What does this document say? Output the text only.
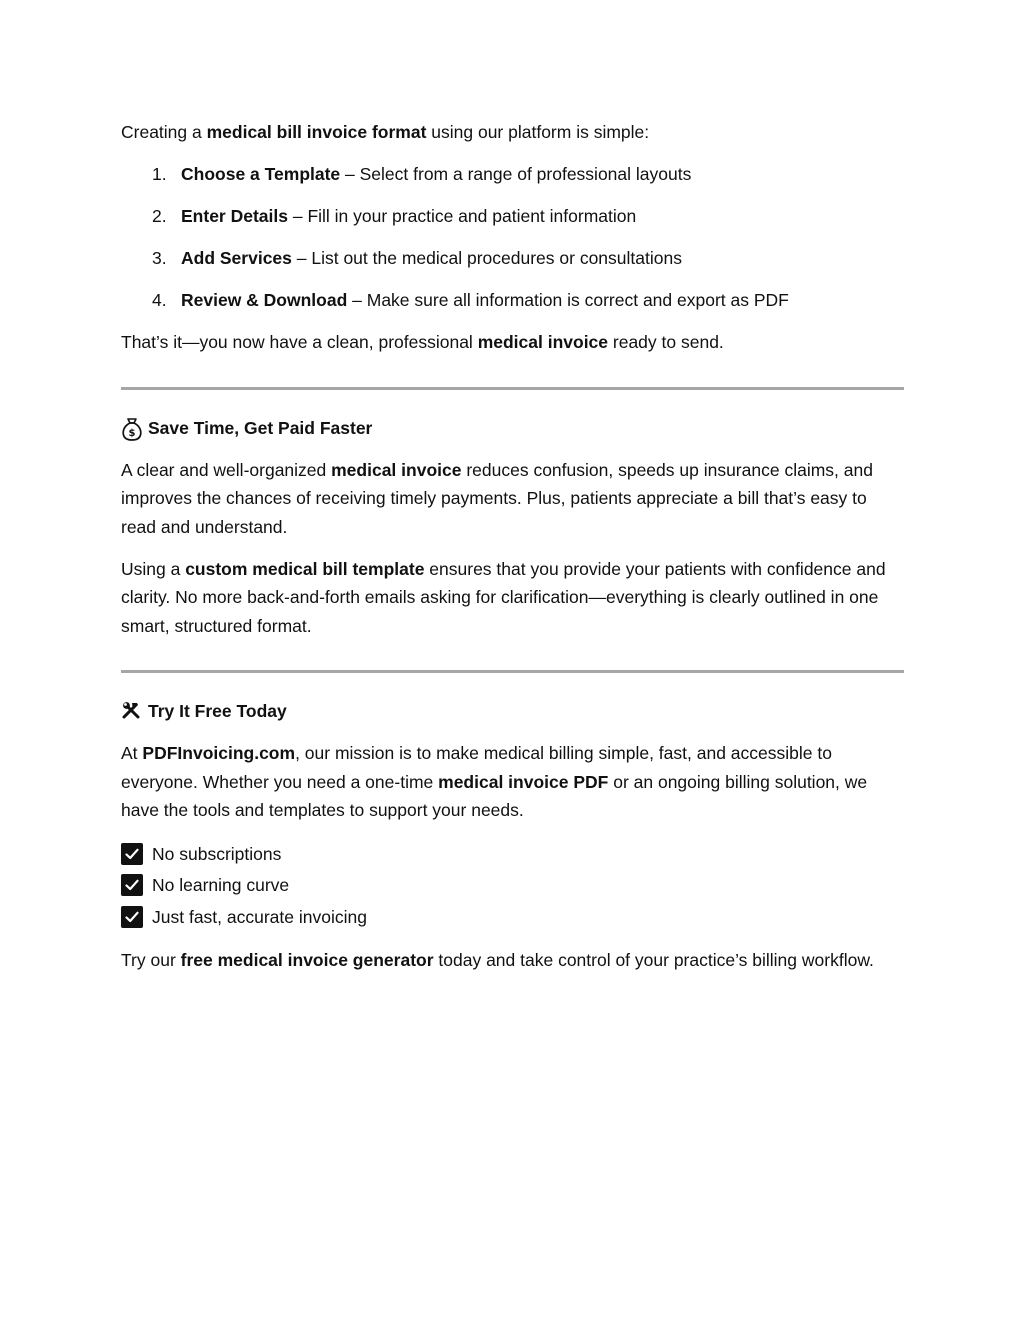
Creating a medical bill invoice format using our platform is simple:

1. Choose a Template – Select from a range of professional layouts
2. Enter Details – Fill in your practice and patient information
3. Add Services – List out the medical procedures or consultations
4. Review & Download – Make sure all information is correct and export as PDF

That’s it—you now have a clean, professional medical invoice ready to send.

$ Save Time, Get Paid Faster

A clear and well-organized medical invoice reduces confusion, speeds up insurance claims, and improves the chances of receiving timely payments. Plus, patients appreciate a bill that’s easy to read and understand.

Using a custom medical bill template ensures that you provide your patients with confidence and clarity. No more back-and-forth emails asking for clarification—everything is clearly outlined in one smart, structured format.

Try It Free Today

At PDFInvoicing.com, our mission is to make medical billing simple, fast, and accessible to everyone. Whether you need a one-time medical invoice PDF or an ongoing billing solution, we have the tools and templates to support your needs.

No subscriptions
No learning curve
Just fast, accurate invoicing

Try our free medical invoice generator today and take control of your practice’s billing workflow.
